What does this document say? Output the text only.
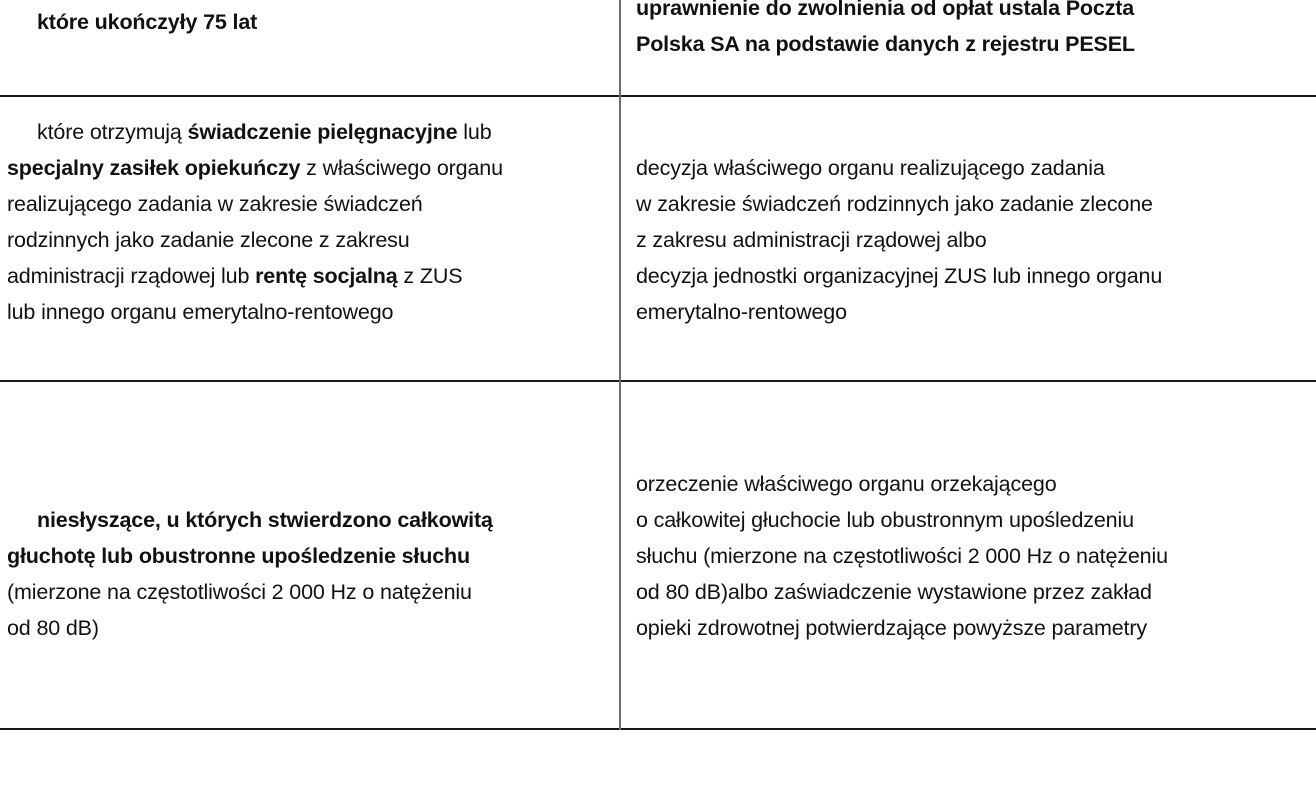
które ukończyły 75 lat
uprawnienie do zwolnienia od opłat ustala Poczta
Polska SA na podstawie danych z rejestru PESEL
które otrzymują świadczenie pielęgnacyjne lub
specjalny zasiłek opiekuńczy z właściwego organu
realizującego zadania w zakresie świadczeń
rodzinnych jako zadanie zlecone z zakresu
administracji rządowej lub rentę socjalną z ZUS
lub innego organu emerytalno-rentowego
decyzja właściwego organu realizującego zadania
w zakresie świadczeń rodzinnych jako zadanie zlecone
z zakresu administracji rządowej albo
decyzja jednostki organizacyjnej ZUS lub innego organu
emerytalno-rentowego
niesłyszące, u których stwierdzono całkowitą
głuchotę lub obustronne upośledzenie słuchu
(mierzone na częstotliwości 2 000 Hz o natężeniu
od 80 dB)
orzeczenie właściwego organu orzekającego
o całkowitej głuchocie lub obustronnym upośledzeniu
słuchu (mierzone na częstotliwości 2 000 Hz o natężeniu
od 80 dB)albo zaświadczenie wystawione przez zakład
opieki zdrowotnej potwierdzające powyższe parametry
